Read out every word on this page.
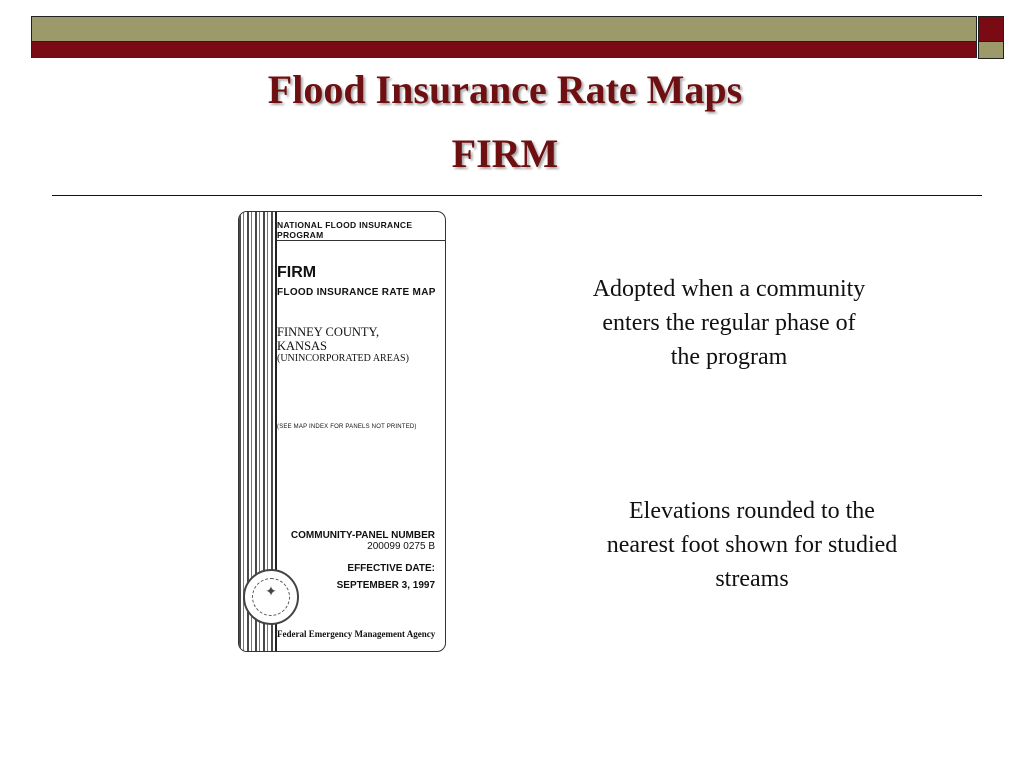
Flood Insurance Rate Maps
FIRM
NATIONAL FLOOD INSURANCE PROGRAM
FIRM
FLOOD INSURANCE RATE MAP
FINNEY COUNTY,
KANSAS
(UNINCORPORATED AREAS)
(SEE MAP INDEX FOR PANELS NOT PRINTED)
COMMUNITY-PANEL NUMBER
200099 0275 B
EFFECTIVE DATE:
SEPTEMBER 3, 1997
✦
Federal Emergency Management Agency

Adopted when a community enters the regular phase of the program

Elevations rounded to the nearest foot shown for studied streams
